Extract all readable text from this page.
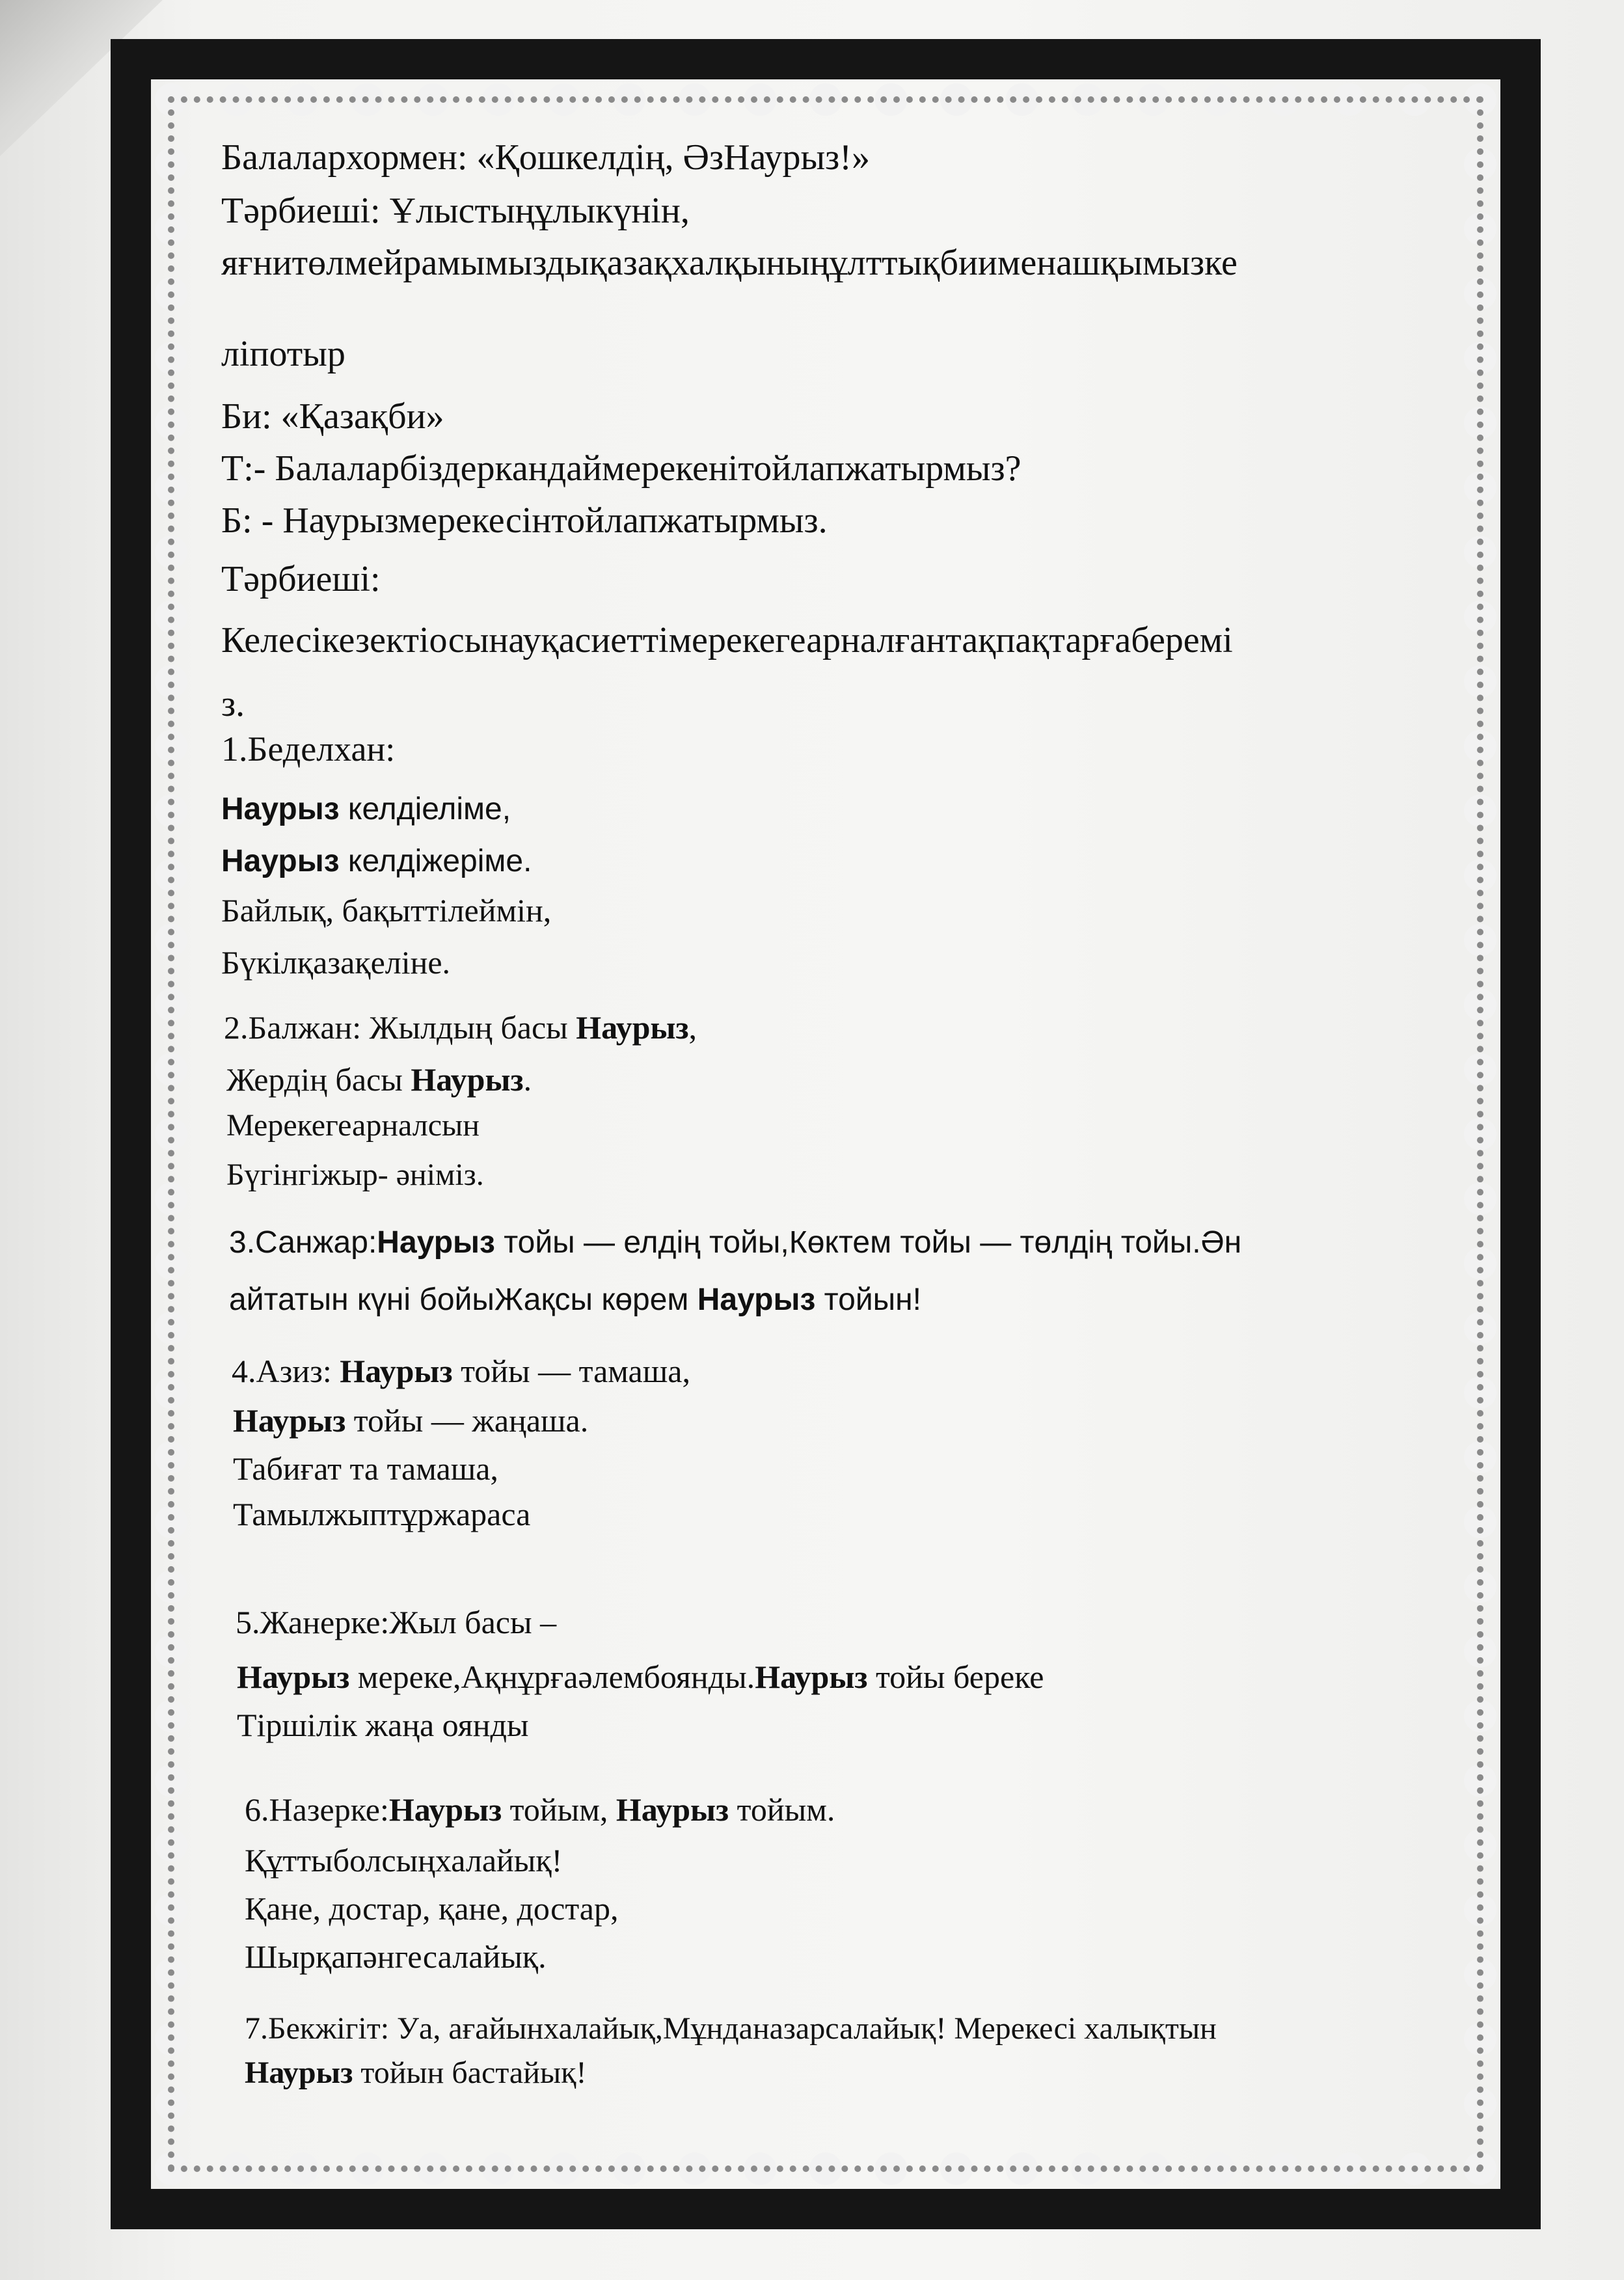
Балалархормен: «Қошкелдің, ӘзНаурыз!»
Тәрбиеші: Ұлыстыңұлыкүнін,
яғнитөлмейрамымыздықазақхалқыныңұлттықбиименашқымызке
ліпотыр
Би: «Қазақби»
Т:- Балаларбіздеркандаймерекенітойлапжатырмыз?
Б: - Наурызмерекесінтойлапжатырмыз.
Тәрбиеші:
Келесікезектіосынауқасиеттімерекегеарналғантақпақтарғаберемі
з.
1.Беделхан:
Наурыз келдіеліме,
Наурыз келдіжеріме.
Байлық, бақыттілеймін,
Бүкілқазақеліне.
2.Балжан: Жылдың басы Наурыз,
Жердің басы Наурыз.
Мерекегеарналсын
Бүгінгіжыр- әніміз.
3.Санжар:Наурыз тойы — елдің тойы,Көктем тойы — төлдің тойы.Ән
айтатын күні бойыЖақсы көрем Наурыз тойын!
4.Азиз: Наурыз тойы — тамаша,
Наурыз тойы — жаңаша.
Табиғат та тамаша,
Тамылжыптұржараса
5.Жанерке:Жыл басы –
Наурыз мереке,Ақнұрғаәлембоянды.Наурыз тойы береке
Тіршілік жаңа оянды
6.Назерке:Наурыз тойым, Наурыз тойым.
Құттыболсыңхалайық!
Қане, достар, қане, достар,
Шырқапәнгесалайық.
7.Бекжігіт: Уа, ағайынхалайық,Мұнданазарсалайық! Мерекесі халықтын
Наурыз тойын бастайық!
